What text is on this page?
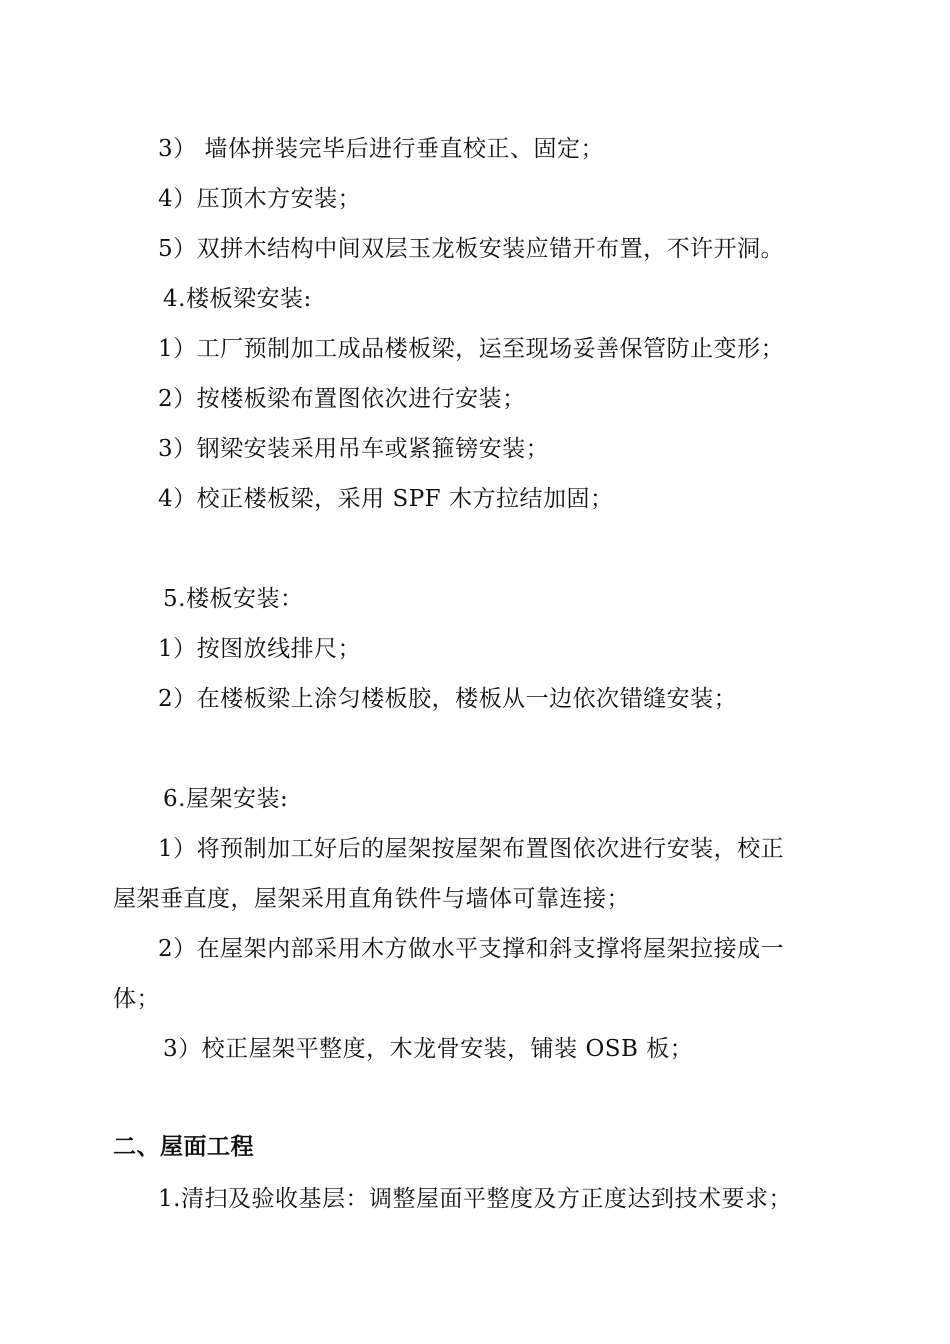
3） 墙体拼装完毕后进行垂直校正、固定；
4）压顶木方安装；
5）双拼木结构中间双层玉龙板安装应错开布置，不许开洞。
4.楼板梁安装:
1）工厂预制加工成品楼板梁，运至现场妥善保管防止变形；
2）按楼板梁布置图依次进行安装；
3）钢梁安装采用吊车或紧箍镑安装；
4）校正楼板梁，采用 SPF 木方拉结加固；
5.楼板安装：
1）按图放线排尺；
2）在楼板梁上涂匀楼板胶，楼板从一边依次错缝安装；
6.屋架安装:
1）将预制加工好后的屋架按屋架布置图依次进行安装，校正
屋架垂直度，屋架采用直角铁件与墙体可靠连接；
2）在屋架内部采用木方做水平支撑和斜支撑将屋架拉接成一
体；
3）校正屋架平整度，木龙骨安装，铺装 OSB 板；
二、屋面工程
1.清扫及验收基层：调整屋面平整度及方正度达到技术要求；
